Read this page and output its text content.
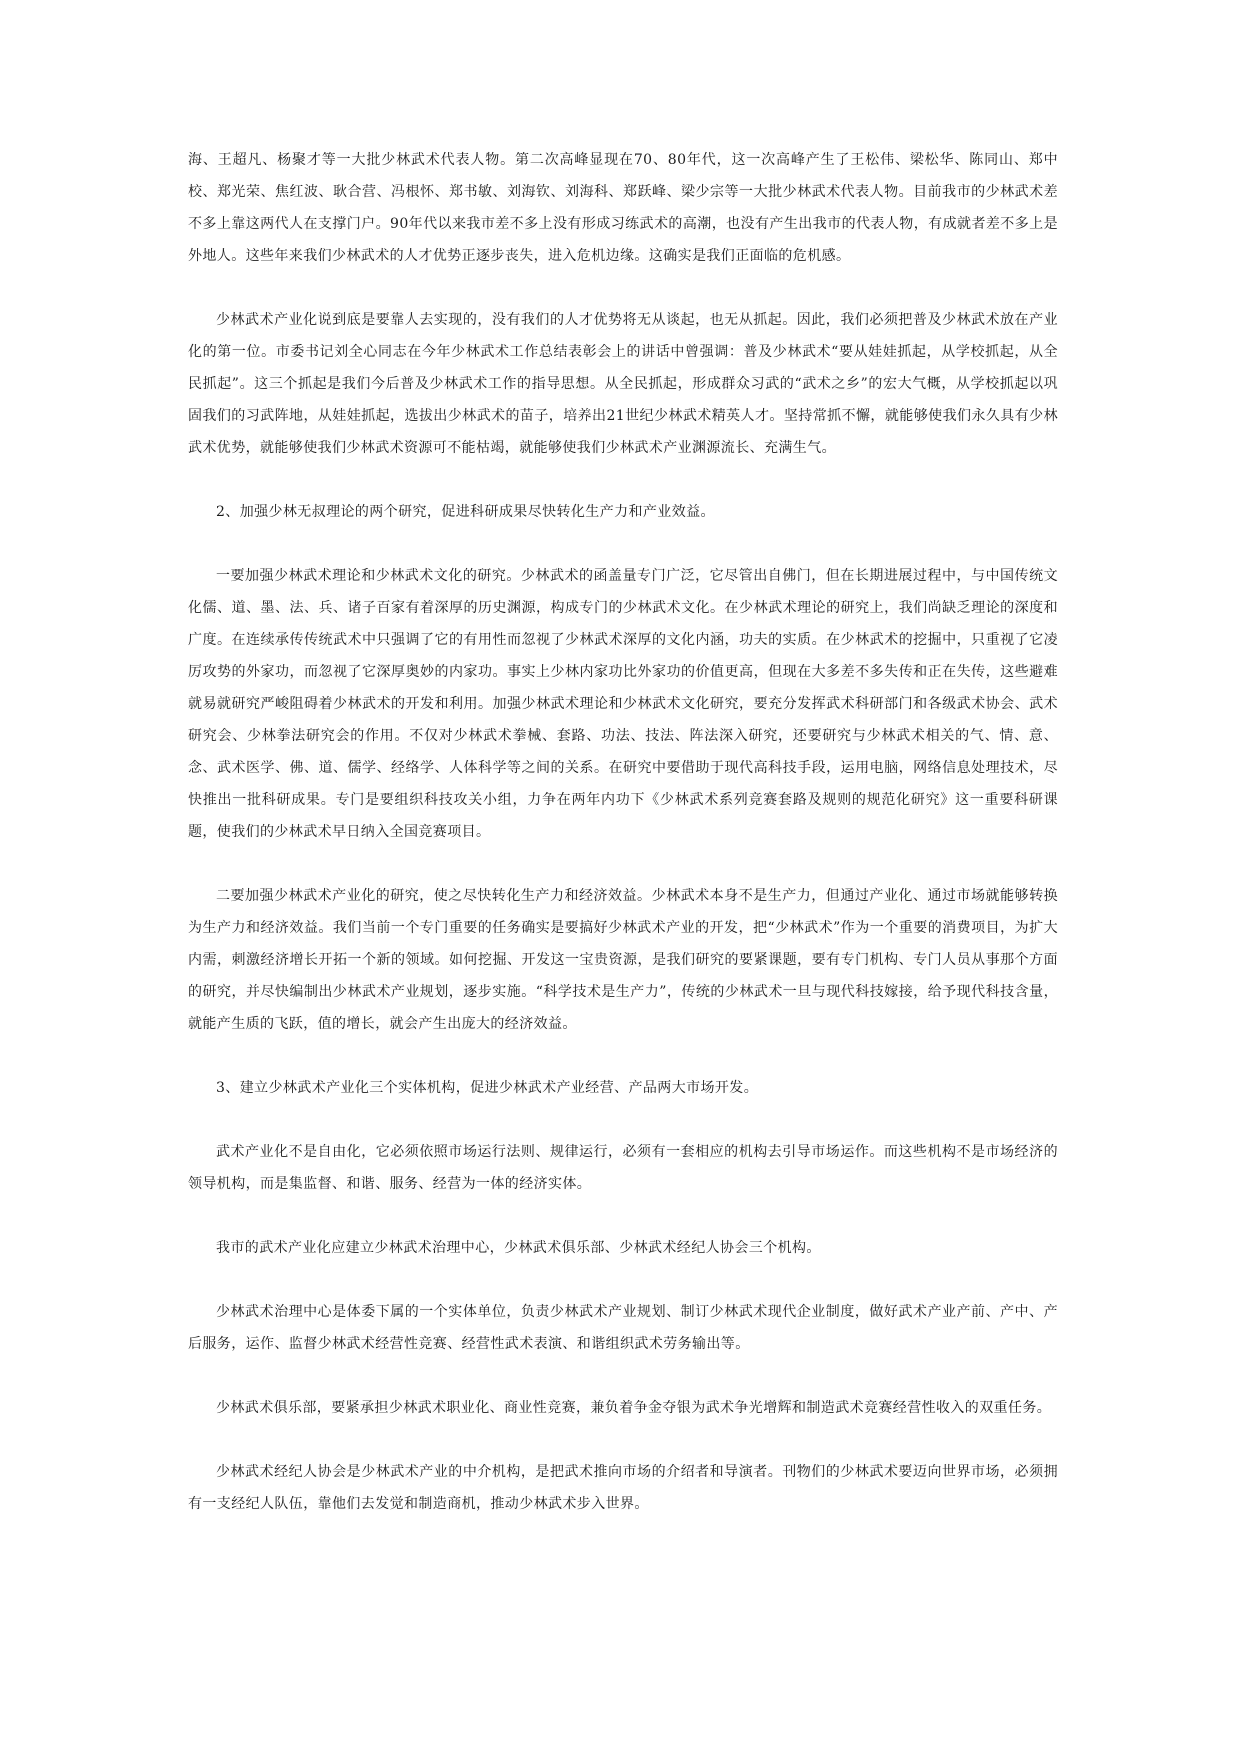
海、王超凡、杨聚才等一大批少林武术代表人物。第二次高峰显现在70、80年代，这一次高峰产生了王松伟、梁松华、陈同山、郑中校、郑光荣、焦红波、耿合营、冯根怀、郑书敏、刘海钦、刘海科、郑跃峰、梁少宗等一大批少林武术代表人物。目前我市的少林武术差不多上靠这两代人在支撑门户。90年代以来我市差不多上没有形成习练武术的高潮，也没有产生出我市的代表人物，有成就者差不多上是外地人。这些年来我们少林武术的人才优势正逐步丧失，进入危机边缘。这确实是我们正面临的危机感。

少林武术产业化说到底是要靠人去实现的，没有我们的人才优势将无从谈起，也无从抓起。因此，我们必须把普及少林武术放在产业化的第一位。市委书记刘全心同志在今年少林武术工作总结表彰会上的讲话中曾强调：普及少林武术“要从娃娃抓起，从学校抓起，从全民抓起”。这三个抓起是我们今后普及少林武术工作的指导思想。从全民抓起，形成群众习武的“武术之乡”的宏大气概，从学校抓起以巩固我们的习武阵地，从娃娃抓起，选拔出少林武术的苗子，培养出21世纪少林武术精英人才。坚持常抓不懈，就能够使我们永久具有少林武术优势，就能够使我们少林武术资源可不能枯竭，就能够使我们少林武术产业渊源流长、充满生气。

2、加强少林无叔理论的两个研究，促进科研成果尽快转化生产力和产业效益。

一要加强少林武术理论和少林武术文化的研究。少林武术的函盖量专门广泛，它尽管出自佛门，但在长期进展过程中，与中国传统文化儒、道、墨、法、兵、诸子百家有着深厚的历史渊源，构成专门的少林武术文化。在少林武术理论的研究上，我们尚缺乏理论的深度和广度。在连续承传传统武术中只强调了它的有用性而忽视了少林武术深厚的文化内涵，功夫的实质。在少林武术的挖掘中，只重视了它凌厉攻势的外家功，而忽视了它深厚奥妙的内家功。事实上少林内家功比外家功的价值更高，但现在大多差不多失传和正在失传，这些避难就易就研究严峻阻碍着少林武术的开发和利用。加强少林武术理论和少林武术文化研究，要充分发挥武术科研部门和各级武术协会、武术研究会、少林拳法研究会的作用。不仅对少林武术拳械、套路、功法、技法、阵法深入研究，还要研究与少林武术相关的气、情、意、念、武术医学、佛、道、儒学、经络学、人体科学等之间的关系。在研究中要借助于现代高科技手段，运用电脑，网络信息处理技术，尽快推出一批科研成果。专门是要组织科技攻关小组，力争在两年内功下《少林武术系列竞赛套路及规则的规范化研究》这一重要科研课题，使我们的少林武术早日纳入全国竞赛项目。

二要加强少林武术产业化的研究，使之尽快转化生产力和经济效益。少林武术本身不是生产力，但通过产业化、通过市场就能够转换为生产力和经济效益。我们当前一个专门重要的任务确实是要搞好少林武术产业的开发，把“少林武术”作为一个重要的消费项目，为扩大内需，刺激经济增长开拓一个新的领域。如何挖掘、开发这一宝贵资源，是我们研究的要紧课题，要有专门机构、专门人员从事那个方面的研究，并尽快编制出少林武术产业规划，逐步实施。“科学技术是生产力”，传统的少林武术一旦与现代科技嫁接，给予现代科技含量，就能产生质的飞跃，值的增长，就会产生出庞大的经济效益。

3、建立少林武术产业化三个实体机构，促进少林武术产业经营、产品两大市场开发。

武术产业化不是自由化，它必须依照市场运行法则、规律运行，必须有一套相应的机构去引导市场运作。而这些机构不是市场经济的领导机构，而是集监督、和谐、服务、经营为一体的经济实体。

我市的武术产业化应建立少林武术治理中心，少林武术俱乐部、少林武术经纪人协会三个机构。

少林武术治理中心是体委下属的一个实体单位，负责少林武术产业规划、制订少林武术现代企业制度，做好武术产业产前、产中、产后服务，运作、监督少林武术经营性竞赛、经营性武术表演、和谐组织武术劳务输出等。

少林武术俱乐部，要紧承担少林武术职业化、商业性竞赛，兼负着争金夺银为武术争光增辉和制造武术竞赛经营性收入的双重任务。

少林武术经纪人协会是少林武术产业的中介机构，是把武术推向市场的介绍者和导演者。刊物们的少林武术要迈向世界市场，必须拥有一支经纪人队伍，靠他们去发觉和制造商机，推动少林武术步入世界。
